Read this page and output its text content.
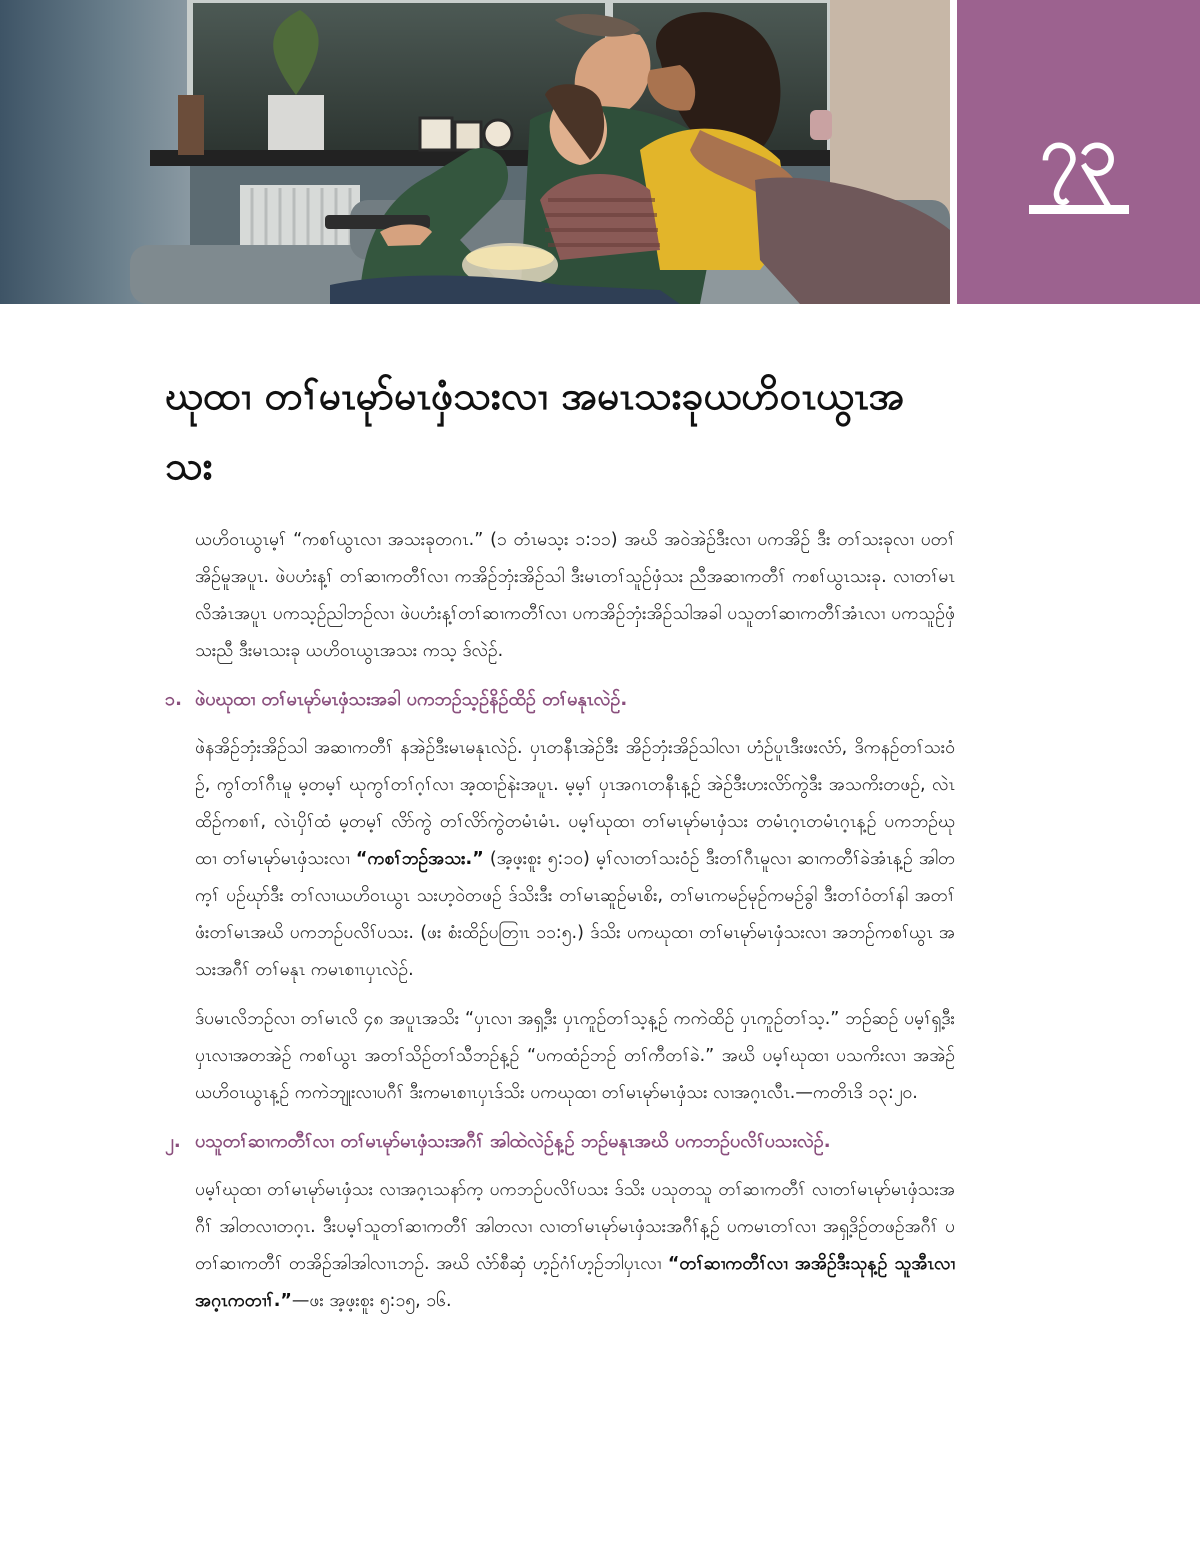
၇၃
ဃုထၢ တၢ်မၤမုာ်မၤဖှံသးလၢ အမၤသးခုယဟိဝၤယွၤအသး

ယဟိဝၤယွၤမ့ၢ် “ကစၢ်ယွၤလၢ အသးခုတဂၤ.” (၁ တံၤမသ့း ၁:၁၁) အဃိ အဝဲအဲဉ်ဒီးလၢ ပကအိဉ် ဒီး တၢ်သးခုလၢ ပတၢ်အိဉ်မူအပူၤ. ဖဲပဟံးန့ၢ် တၢ်ဆၢကတီၢ်လၢ ကအိဉ်ဘှံးအိဉ်သါ ဒီးမၤတၢ်သူဉ်ဖှံသး ညီအဆၢကတီၢ် ကစၢ်ယွၤသးခု. လၢတၢ်မၤလိအံၤအပူၤ ပကသ့ဉ်ညါဘဉ်လၢ ဖဲပဟံးန့ၢ်တၢ်ဆၢကတီၢ်လၢ ပကအိဉ်ဘှံးအိဉ်သါအခါ ပသူတၢ်ဆၢကတီၢ်အံၤလၢ ပကသူဉ်ဖှံသးညီ ဒီးမၤသးခု ယဟိဝၤယွၤအသး ကသ့ ဒ်လဲဉ်.

၁. ဖဲပဃုထၢ တၢ်မၤမုာ်မၤဖှံသးအခါ ပကဘဉ်သ့ဉ်နိဉ်ထိဉ် တၢ်မနုၤလဲဉ်.

ဖဲနအိဉ်ဘှံးအိဉ်သါ အဆၢကတီၢ် နအဲဉ်ဒီးမၤမနုၤလဲဉ်. ပှၤတနီၤအဲဉ်ဒီး အိဉ်ဘှံးအိဉ်သါလၢ ဟံဉ်ပူၤဒီးဖးလံာ်, ဒိကနဉ်တၢ်သးဝံဉ်, ကွၢ်တၢ်ဂီၤမူ မ့တမ့ၢ် ဃုကွၢ်တၢ်ဂ့ၢ်လၢ အ့ထၢဉ်နဲးအပူၤ. မ့မ့ၢ် ပှၤအဂၤတနီၤန့ဉ် အဲဉ်ဒီးဟးလိာ်ကွဲဒီး အသကိးတဖဉ်, လဲၤထိဉ်ကစၢၢ်, လဲၤပှိၢ်ထံ မ့တမ့ၢ် လိာ်ကွဲ တၢ်လိာ်ကွဲတမံၤမံၤ. ပမ့ၢ်ဃုထၢ တၢ်မၤမုာ်မၤဖှံသး တမံၤဂ့ၤတမံၤဂ့ၤန့ဉ် ပကဘဉ်ဃုထၢ တၢ်မၤမုာ်မၤဖှံသးလၢ “ကစၢ်ဘဉ်အသး.” (အ့ဖ့းစူး ၅:၁၀) မ့ၢ်လၢတၢ်သးဝံဉ် ဒီးတၢ်ဂီၤမူလၢ ဆၢကတီၢ်ခဲအံၤန့ဉ် အါတက့ၢ် ပဉ်ဃုာ်ဒီး တၢ်လၢယဟိဝၤယွၤ သးဟ့ဝဲတဖဉ် ဒ်သိးဒီး တၢ်မၤဆူဉ်မၤစိး, တၢ်မၤကမဉ်မုဉ်ကမဉ်ခွါ ဒီးတၢ်ဝံတၢ်နါ အတၢ်ဖံးတၢ်မၤအဃိ ပကဘဉ်ပလိၢ်ပသး. (ဖး စံးထိဉ်ပတြၢၤ ၁၁:၅.) ဒ်သိး ပကဃုထၢ တၢ်မၤမုာ်မၤဖှံသးလၢ အဘဉ်ကစၢ်ယွၤ အသးအဂီၢ် တၢ်မနုၤ ကမၤစၢၤပှၤလဲဉ်.

ဒ်ပမၤလိဘဉ်လၢ တၢ်မၤလိ ၄၈ အပူၤအသိး “ပှၤလၢ အရှ့ဒီး ပှၤကူဉ်တၢ်သ့န့ဉ် ကကဲထိဉ် ပှၤကူဉ်တၢ်သ့.” ဘဉ်ဆဉ် ပမ့ၢ်ရှ့ဒီး ပှၤလၢအတအဲဉ် ကစၢ်ယွၤ အတၢ်သိဉ်တၢ်သီဘဉ်န့ဉ် “ပကထံဉ်ဘဉ် တၢ်ကီတၢ်ခဲ.” အဃိ ပမ့ၢ်ဃုထၢ ပသကိးလၢ အအဲဉ်ယဟိဝၤယွၤန့ဉ် ကကဲဘျုးလၢပဂီၢ် ဒီးကမၤစၢၤပှၤဒ်သိး ပကဃုထၢ တၢ်မၤမုာ်မၤဖှံသး လၢအဂ့ၤလီၤ.—ကတိၤဒိ ၁၃:၂၀.

၂. ပသူတၢ်ဆၢကတီၢ်လၢ တၢ်မၤမုာ်မၤဖှံသးအဂီၢ် အါထဲလဲဉ်န့ဉ် ဘဉ်မနုၤအဃိ ပကဘဉ်ပလိၢ်ပသးလဲဉ်.

ပမ့ၢ်ဃုထၢ တၢ်မၤမုာ်မၤဖှံသး လၢအဂ့ၤသနာ်က့ ပကဘဉ်ပလိၢ်ပသး ဒ်သိး ပသုတသူ တၢ်ဆၢကတီၢ် လၢတၢ်မၤမုာ်မၤဖှံသးအဂီၢ် အါတလၢတဂ့ၤ. ဒီးပမ့ၢ်သူတၢ်ဆၢကတီၢ် အါတလၢ လၢတၢ်မၤမုာ်မၤဖှံသးအဂီၢ်န့ဉ် ပကမၤတၢ်လၢ အရှ့ဒိဉ်တဖဉ်အဂီၢ် ပတၢ်ဆၢကတီၢ် တအိဉ်အါအါလၢၤဘဉ်. အဃိ လံာ်စီဆှံ ဟ့ဉ်ဂံၢ်ဟ့ဉ်ဘါပှၤလၢ “တၢ်ဆၢကတီၢ်လၢ အအိဉ်ဒီးသုန့ဉ် သူအီၤလၢ အဂ့ၤကတၢၢ်.”—ဖး အ့ဖ့းစူး ၅:၁၅, ၁၆.
